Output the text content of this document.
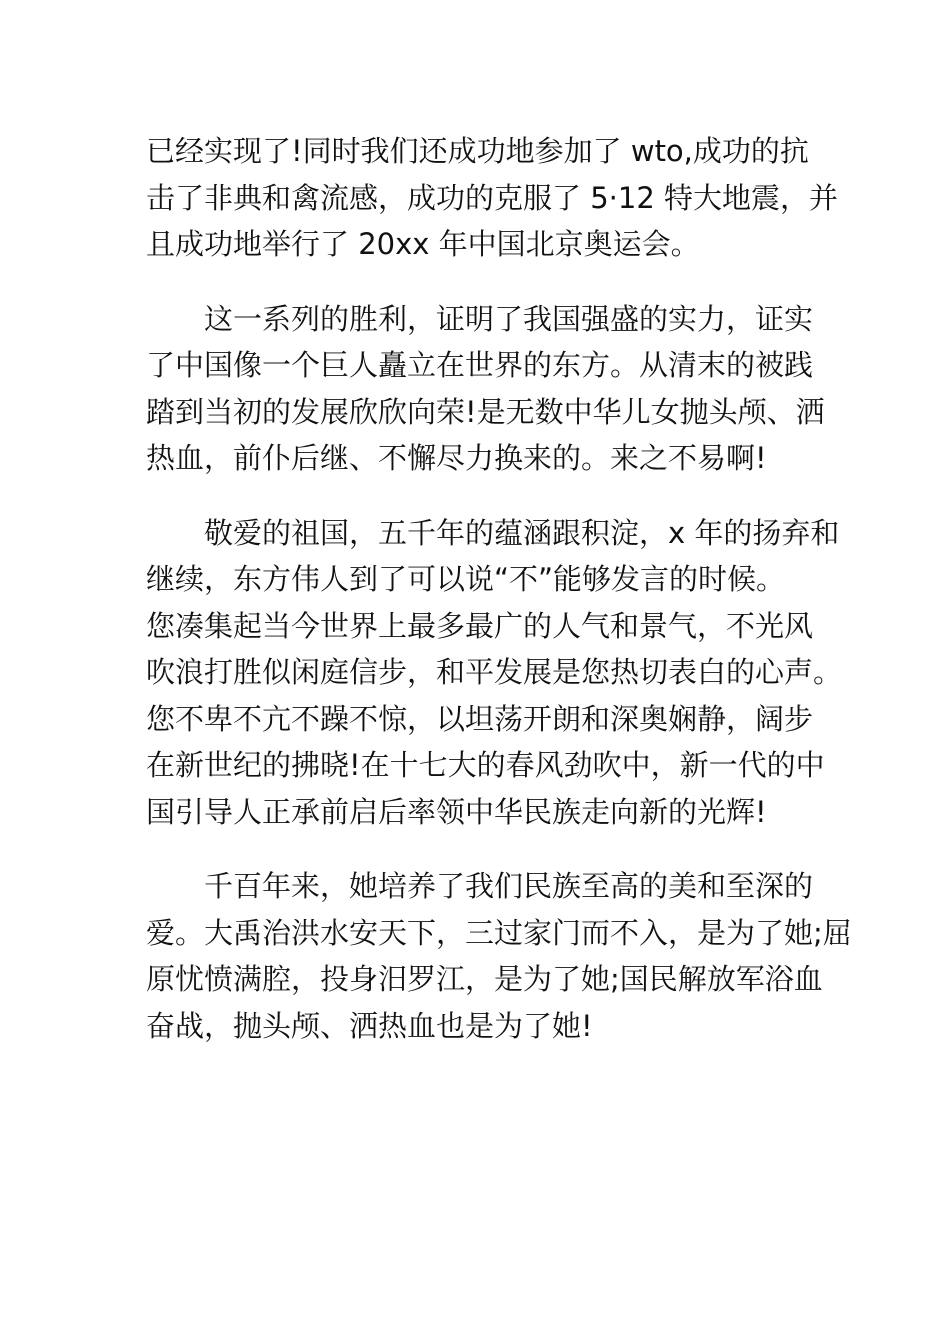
已经实现了!同时我们还成功地参加了 wto,成功的抗
击了非典和禽流感，成功的克服了 5·12 特大地震，并
且成功地举行了 20xx 年中国北京奥运会。

这一系列的胜利，证明了我国强盛的实力，证实
了中国像一个巨人矗立在世界的东方。从清末的被践
踏到当初的发展欣欣向荣!是无数中华儿女抛头颅、洒
热血，前仆后继、不懈尽力换来的。来之不易啊!

敬爱的祖国，五千年的蕴涵跟积淀，x 年的扬弃和
继续，东方伟人到了可以说“不”能够发言的时候。
您凑集起当今世界上最多最广的人气和景气，不光风
吹浪打胜似闲庭信步，和平发展是您热切表白的心声。
您不卑不亢不躁不惊，以坦荡开朗和深奥娴静，阔步
在新世纪的拂晓!在十七大的春风劲吹中，新一代的中
国引导人正承前启后率领中华民族走向新的光辉!

千百年来，她培养了我们民族至高的美和至深的
爱。大禹治洪水安天下，三过家门而不入，是为了她;屈
原忧愤满腔，投身汨罗江，是为了她;国民解放军浴血
奋战，抛头颅、洒热血也是为了她!
